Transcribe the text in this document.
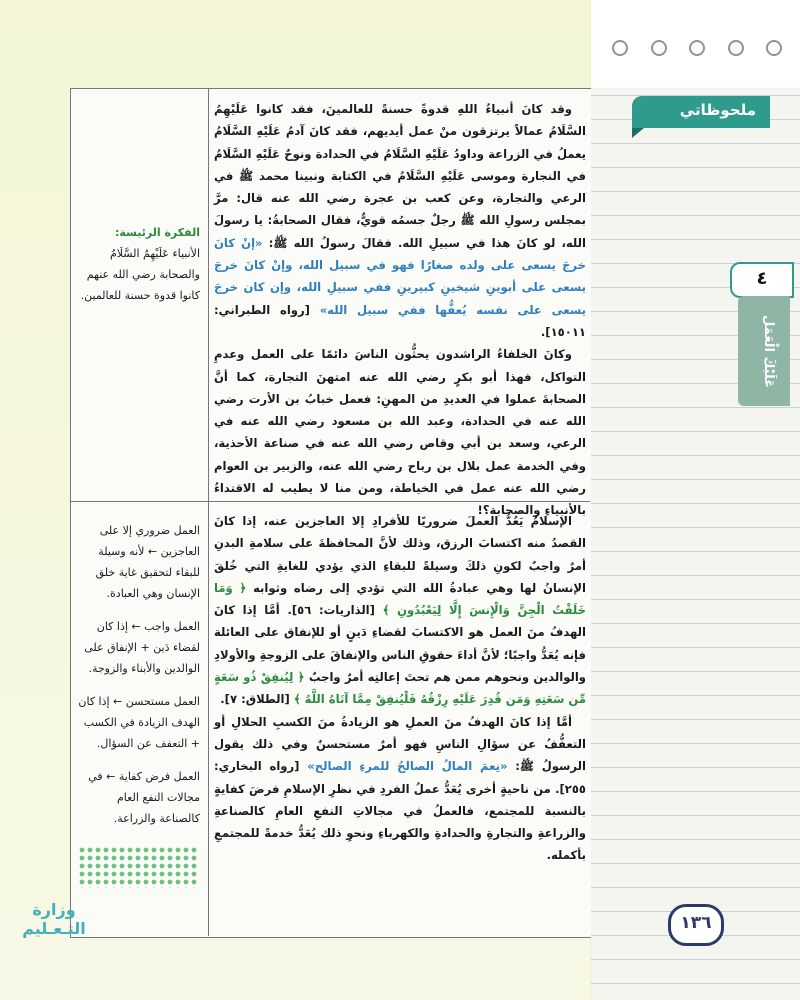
وقد كانَ أنبياءُ اللهِ قدوةً حسنةً للعالمينَ، فقد كانوا عَلَيْهِمُ السَّلَامُ عمالاً يرتزقون منْ عمل أيديهم، فقد كانَ آدمُ عَلَيْهِ السَّلَامُ يعملُ في الزراعة وداودُ عَلَيْهِ السَّلَامُ في الحدادة ونوحٌ عَلَيْهِ السَّلَامُ في النجارة وموسى عَلَيْهِ السَّلَامُ في الكتابة ونبينا محمد ﷺ في الرعي والتجارة، وعن كعب بن عجرة رضي الله عنه قال: مرَّ بمجلس رسولِ الله ﷺ رجلٌ جسمُه قويٌّ، فقال الصحابةُ: يا رسولَ الله، لو كانَ هذا في سبيلِ الله. فقالَ رسولُ الله ﷺ: «إنْ كانَ خرجَ يسعى على ولده صغارًا فهو في سبيل الله، وإنْ كانَ خرجَ يسعى على أبوينِ شيخينِ كبيرينِ ففي سبيلِ الله، وإن كان خرجَ يسعى على نفسه يُعفُّها ففي سبيل الله» [رواه الطبراني: ١٥٠١١].

وكانَ الخلفاءُ الراشدون يحثُّون الناسَ دائمًا على العمل وعدمِ التواكل، فهذا أبو بكرٍ رضي الله عنه امتهنَ التجارة، كما أنَّ الصحابةَ عملوا في العديدِ من المهنِ: فعمل خبابُ بن الأرت رضي الله عنه في الحدادة، وعبد الله بن مسعود رضي الله عنه في الرعي، وسعد بن أبي وقاص رضي الله عنه في صناعة الأحذية، وفي الخدمة عمل بلال بن رباح رضي الله عنه، والزبير بن العوام رضي الله عنه عمل في الخياطة، ومن منا لا يطيب له الاقتداءُ بالأنبياءِ والصحابة؟!

الفكرة الرئيسة:
الأنبياء عَلَيْهِمُ السَّلَامُ والصحابة رضي الله عنهم كانوا قدوة حسنة للعالمين.

الإسلامُ يَعُدُّ العملَ ضروريًا للأفرادِ إلا العاجزين عنه، إذا كانَ القصدُ منه اكتسابَ الرزق، وذلك لأنَّ المحافظةَ على سلامةِ البدنِ أمرٌ واجبٌ لكونِ ذلكَ وسيلةً للبقاءِ الذي يؤدي للغايةِ التي خُلقَ الإنسانُ لها وهي عبادةُ الله التي تؤدي إلى رضاه وثوابه ﴿ وَمَا خَلَقْتُ الْجِنَّ وَالْإِنسَ إِلَّا لِيَعْبُدُونِ ﴾ [الذاريات: ٥٦]. أمَّا إذا كانَ الهدفُ منَ العمل هو الاكتسابَ لقضاءِ دَينٍ أو للإنفاق على العائلة فإنه يُعَدُّ واجبًا؛ لأنَّ أداءَ حقوقِ الناس والإنفاقَ على الزوجةِ والأولادِ والوالدين ونحوهم ممن هم تحتَ إعالتِه أمرٌ واجبٌ ﴿ لِيُنفِقْ ذُو سَعَةٍ مِّن سَعَتِهِ وَمَن قُدِرَ عَلَيْهِ رِزْقُهُ فَلْيُنفِقْ مِمَّا آتَاهُ اللَّهُ ﴾ [الطلاق: ٧].

أمَّا إذا كانَ الهدفُ منَ العملِ هو الزيادةُ منَ الكسبِ الحلالِ أو التعفُّفُ عن سؤالِ الناسِ فهو أمرٌ مستحسنٌ وفي ذلك يقول الرسولُ ﷺ: «نِعمَ المالُ الصالحُ للمرءِ الصالح» [رواه البخاري: ٢٥٥]. من ناحيةٍ أخرى يُعَدُّ عملُ الفردِ في نظرِ الإسلامِ فرضَ كفايةٍ بالنسبة للمجتمع، فالعملُ في مجالاتِ النفعِ العامِ كالصناعةِ والزراعةِ والتجارةِ والحدادةِ والكهرباءِ ونحوِ ذلك يُعَدُّ خدمةً للمجتمعِ بأكمله.

العمل ضروري إلا على العاجزين ← لأنه وسيلة للبقاء لتحقيق غاية خلق الإنسان وهي العبادة.

العمل واجب ← إذا كان لقضاء دَين + الإنفاق على الوالدين والأبناء والزوجة.

العمل مستحسن ← إذا كان الهدف الزيادة في الكسب + التعفف عن السؤال.

العمل فرض كفاية ← في مجالات النفع العام كالصناعة والزراعة.

وزارة التـعـليم
ملحوظاتي
٤
عَلَيْكَ الْعَمَل
١٣٦
